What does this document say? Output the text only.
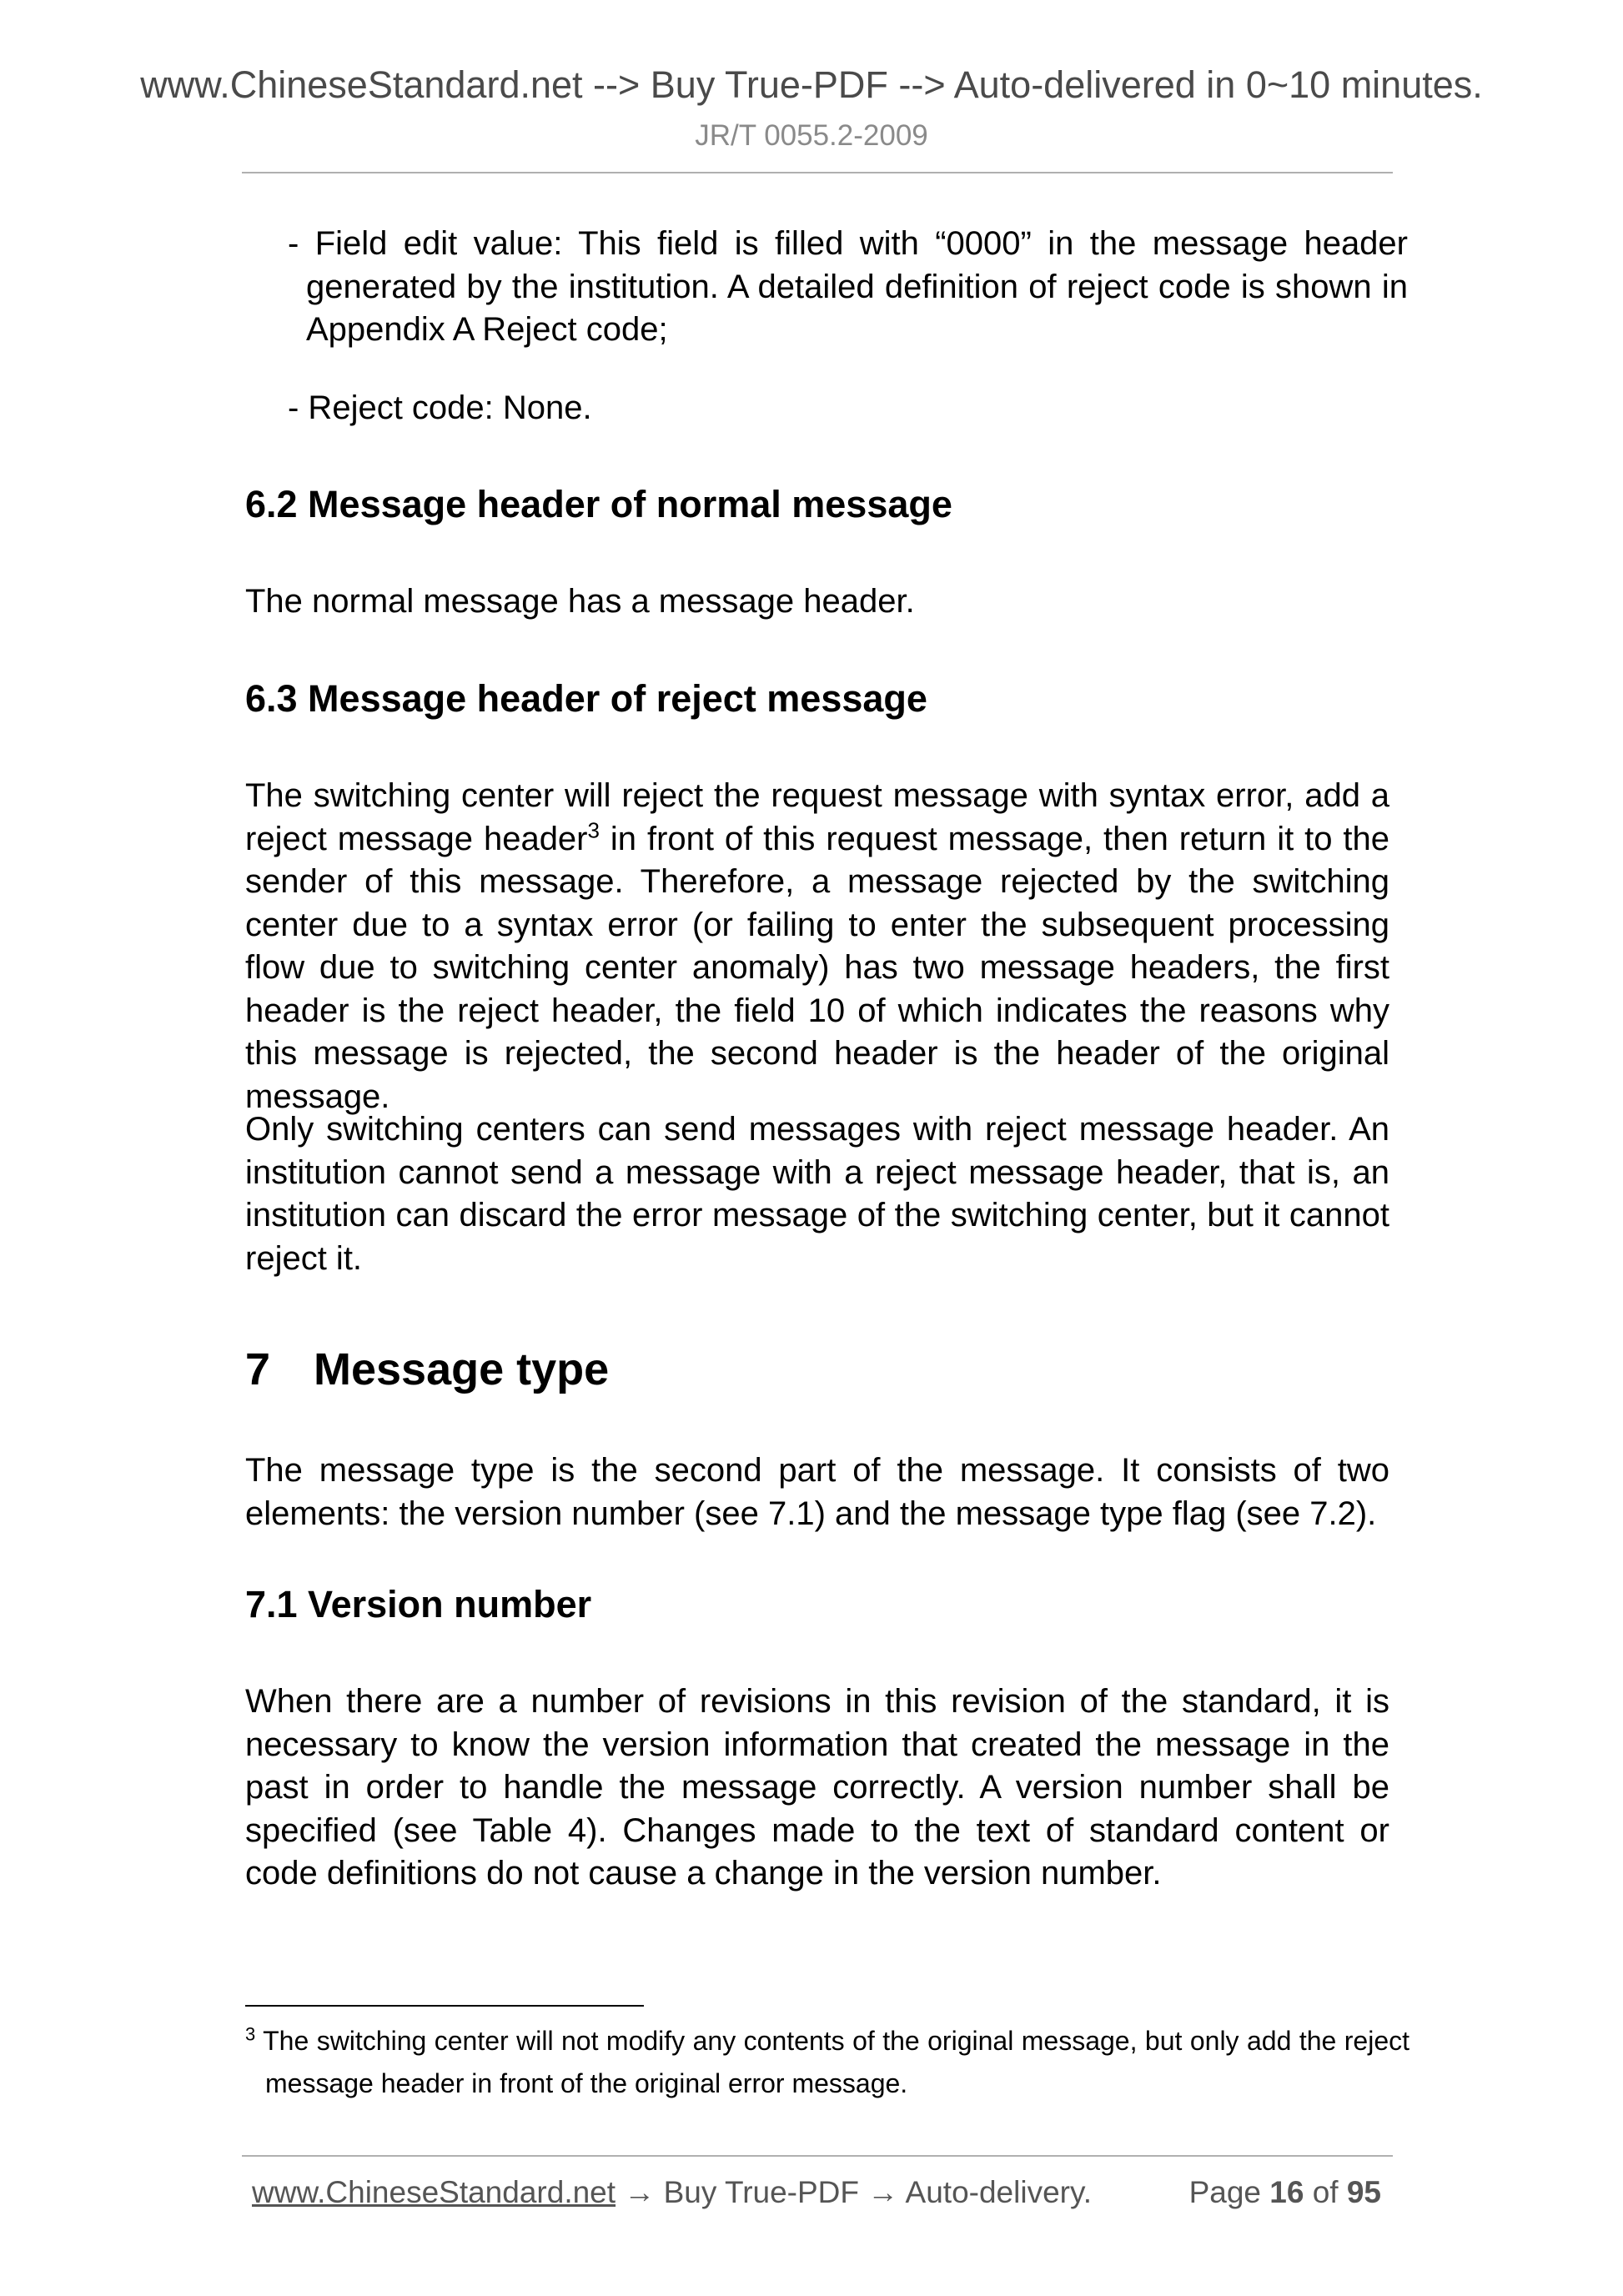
www.ChineseStandard.net --> Buy True-PDF --> Auto-delivered in 0~10 minutes.
JR/T 0055.2-2009
- Field edit value: This field is filled with “0000” in the message header generated by the institution. A detailed definition of reject code is shown in Appendix A Reject code;
- Reject code: None.
6.2 Message header of normal message
The normal message has a message header.
6.3 Message header of reject message
The switching center will reject the request message with syntax error, add a reject message header$^3$ in front of this request message, then return it to the sender of this message. Therefore, a message rejected by the switching center due to a syntax error (or failing to enter the subsequent processing flow due to switching center anomaly) has two message headers, the first header is the reject header, the field 10 of which indicates the reasons why this message is rejected, the second header is the header of the original message.
Only switching centers can send messages with reject message header. An institution cannot send a message with a reject message header, that is, an institution can discard the error message of the switching center, but it cannot reject it.
7 Message type
The message type is the second part of the message. It consists of two elements: the version number (see 7.1) and the message type flag (see 7.2).
7.1 Version number
When there are a number of revisions in this revision of the standard, it is necessary to know the version information that created the message in the past in order to handle the message correctly. A version number shall be specified (see Table 4). Changes made to the text of standard content or code definitions do not cause a change in the version number.
$^3$ The switching center will not modify any contents of the original message, but only add the reject message header in front of the original error message.
www.ChineseStandard.net → Buy True-PDF → Auto-delivery.	Page 16 of 95
